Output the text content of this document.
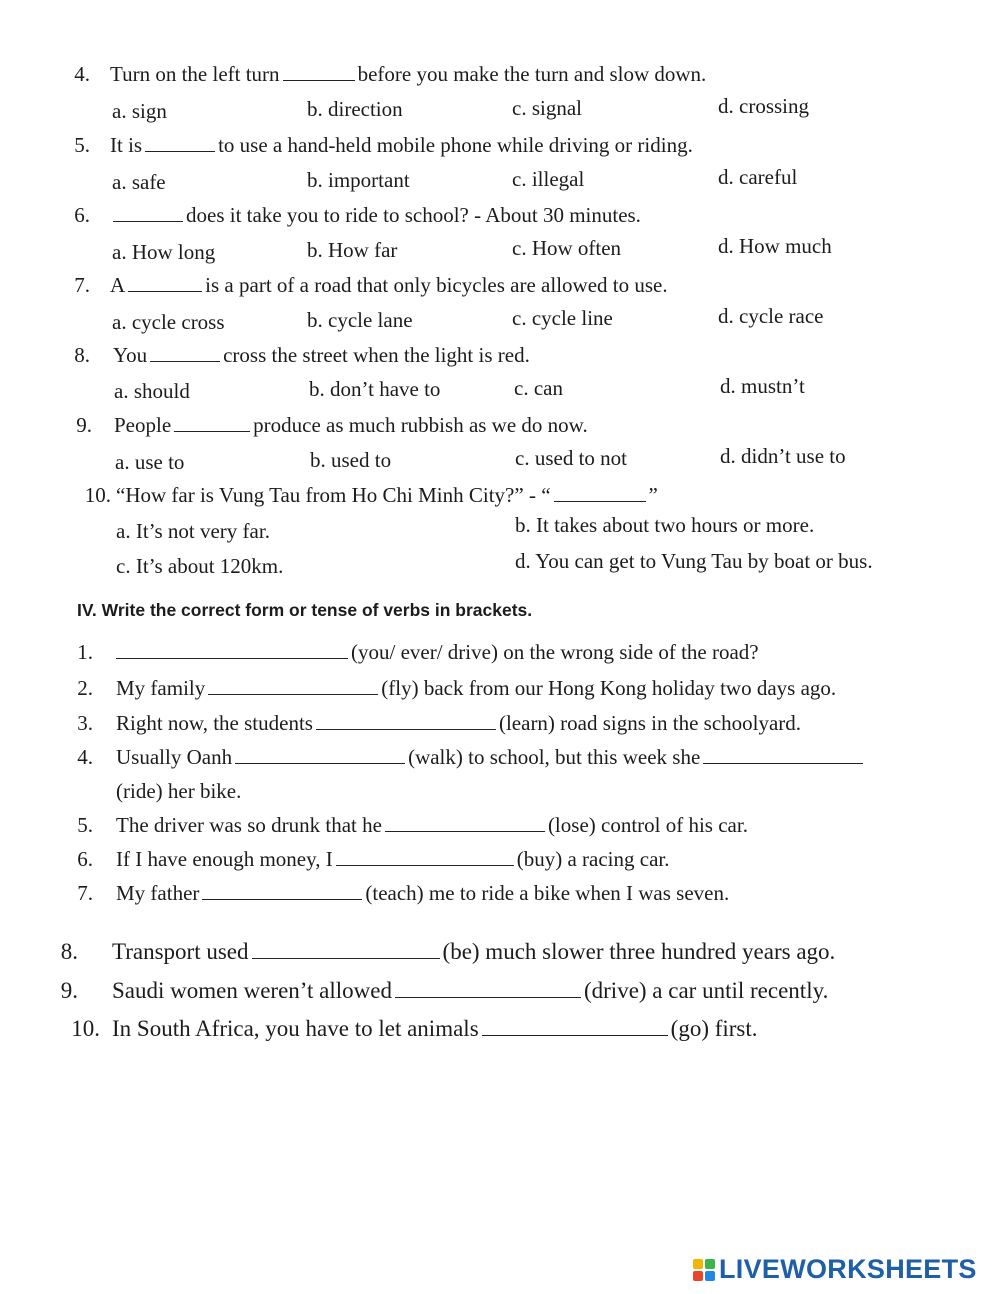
4. Turn on the left turn	before you make the turn and slow down.
a. sign	b. direction	c. signal	d. crossing
5. It is	to use a hand-held mobile phone while driving or riding.
a. safe	b. important	c. illegal	d. careful
6.	does it take you to ride to school? - About 30 minutes.
a. How long	b. How far	c. How often	d. How much
7. A	is a part of a road that only bicycles are allowed to use.
a. cycle cross	b. cycle lane	c. cycle line	d. cycle race
8. You	cross the street when the light is red.
a. should	b. don’t have to	c. can	d. mustn’t
9. People	produce as much rubbish as we do now.
a. use to	b. used to	c. used to not	d. didn’t use to
10. “How far is Vung Tau from Ho Chi Minh City?” - “	”
a. It’s not very far.	b. It takes about two hours or more.
c. It’s about 120km.	d. You can get to Vung Tau by boat or bus.
IV. Write the correct form or tense of verbs in brackets.
1.	(you/ ever/ drive) on the wrong side of the road?
2. My family	(fly) back from our Hong Kong holiday two days ago.
3. Right now, the students	(learn) road signs in the schoolyard.
4. Usually Oanh	(walk) to school, but this week she
(ride) her bike.
5. The driver was so drunk that he	(lose) control of his car.
6. If I have enough money, I	(buy) a racing car.
7. My father	(teach) me to ride a bike when I was seven.
8. Transport used	(be) much slower three hundred years ago.
9. Saudi women weren’t allowed	(drive) a car until recently.
10. In South Africa, you have to let animals	(go) first.
LIVEWORKSHEETS
